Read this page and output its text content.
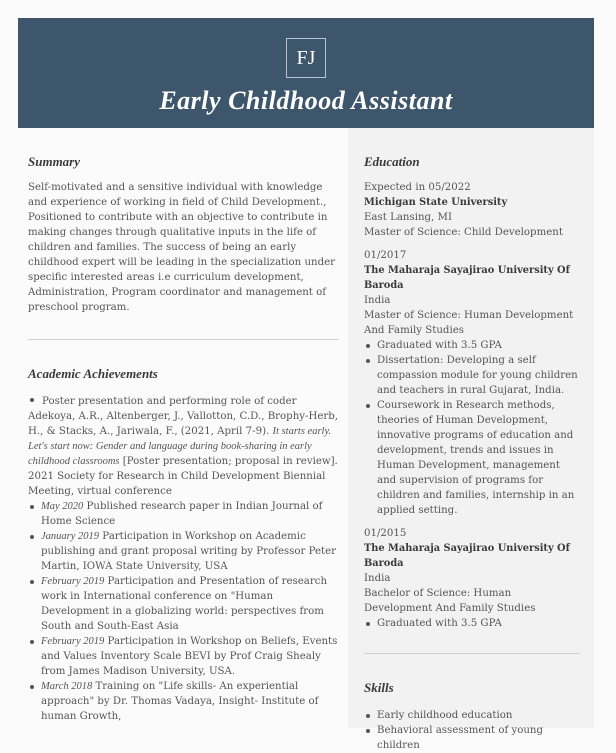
FJ
Early Childhood Assistant
Summary

Self-motivated and a sensitive individual with knowledge and experience of working in field of Child Development., Positioned to contribute with an objective to contribute in making changes through qualitative inputs in the life of children and families. The success of being an early childhood expert will be leading in the specialization under specific interested areas i.e curriculum development, Administration, Program coordinator and management of preschool program.

Academic Achievements
Poster presentation and performing role of coder Adekoya, A.R., Altenberger, J., Vallotton, C.D., Brophy-Herb, H., & Stacks, A., Jariwala, F., (2021, April 7-9). It starts early. Let's start now: Gender and language during book-sharing in early childhood classrooms [Poster presentation; proposal in review]. 2021 Society for Research in Child Development Biennial Meeting, virtual conference
May 2020 Published research paper in Indian Journal of Home Science
January 2019 Participation in Workshop on Academic publishing and grant proposal writing by Professor Peter Martin, IOWA State University, USA
February 2019 Participation and Presentation of research work in International conference on "Human Development in a globalizing world: perspectives from South and South-East Asia
February 2019 Participation in Workshop on Beliefs, Events and Values Inventory Scale BEVI by Prof Craig Shealy from James Madison University, USA.
March 2018 Training on "Life skills- An experiential approach" by Dr. Thomas Vadaya, Insight- Institute of human Growth,
Education
Expected in 05/2022
Michigan State University
East Lansing, MI
Master of Science: Child Development
01/2017
The Maharaja Sayajirao University Of Baroda
India
Master of Science: Human Development And Family Studies
Graduated with 3.5 GPA
Dissertation: Developing a self compassion module for young children and teachers in rural Gujarat, India.
Coursework in Research methods, theories of Human Development, innovative programs of education and development, trends and issues in Human Development, management and supervision of programs for children and families, internship in an applied setting.
01/2015
The Maharaja Sayajirao University Of Baroda
India
Bachelor of Science: Human Development And Family Studies
Graduated with 3.5 GPA
Skills
Early childhood education
Behavioral assessment of young children
